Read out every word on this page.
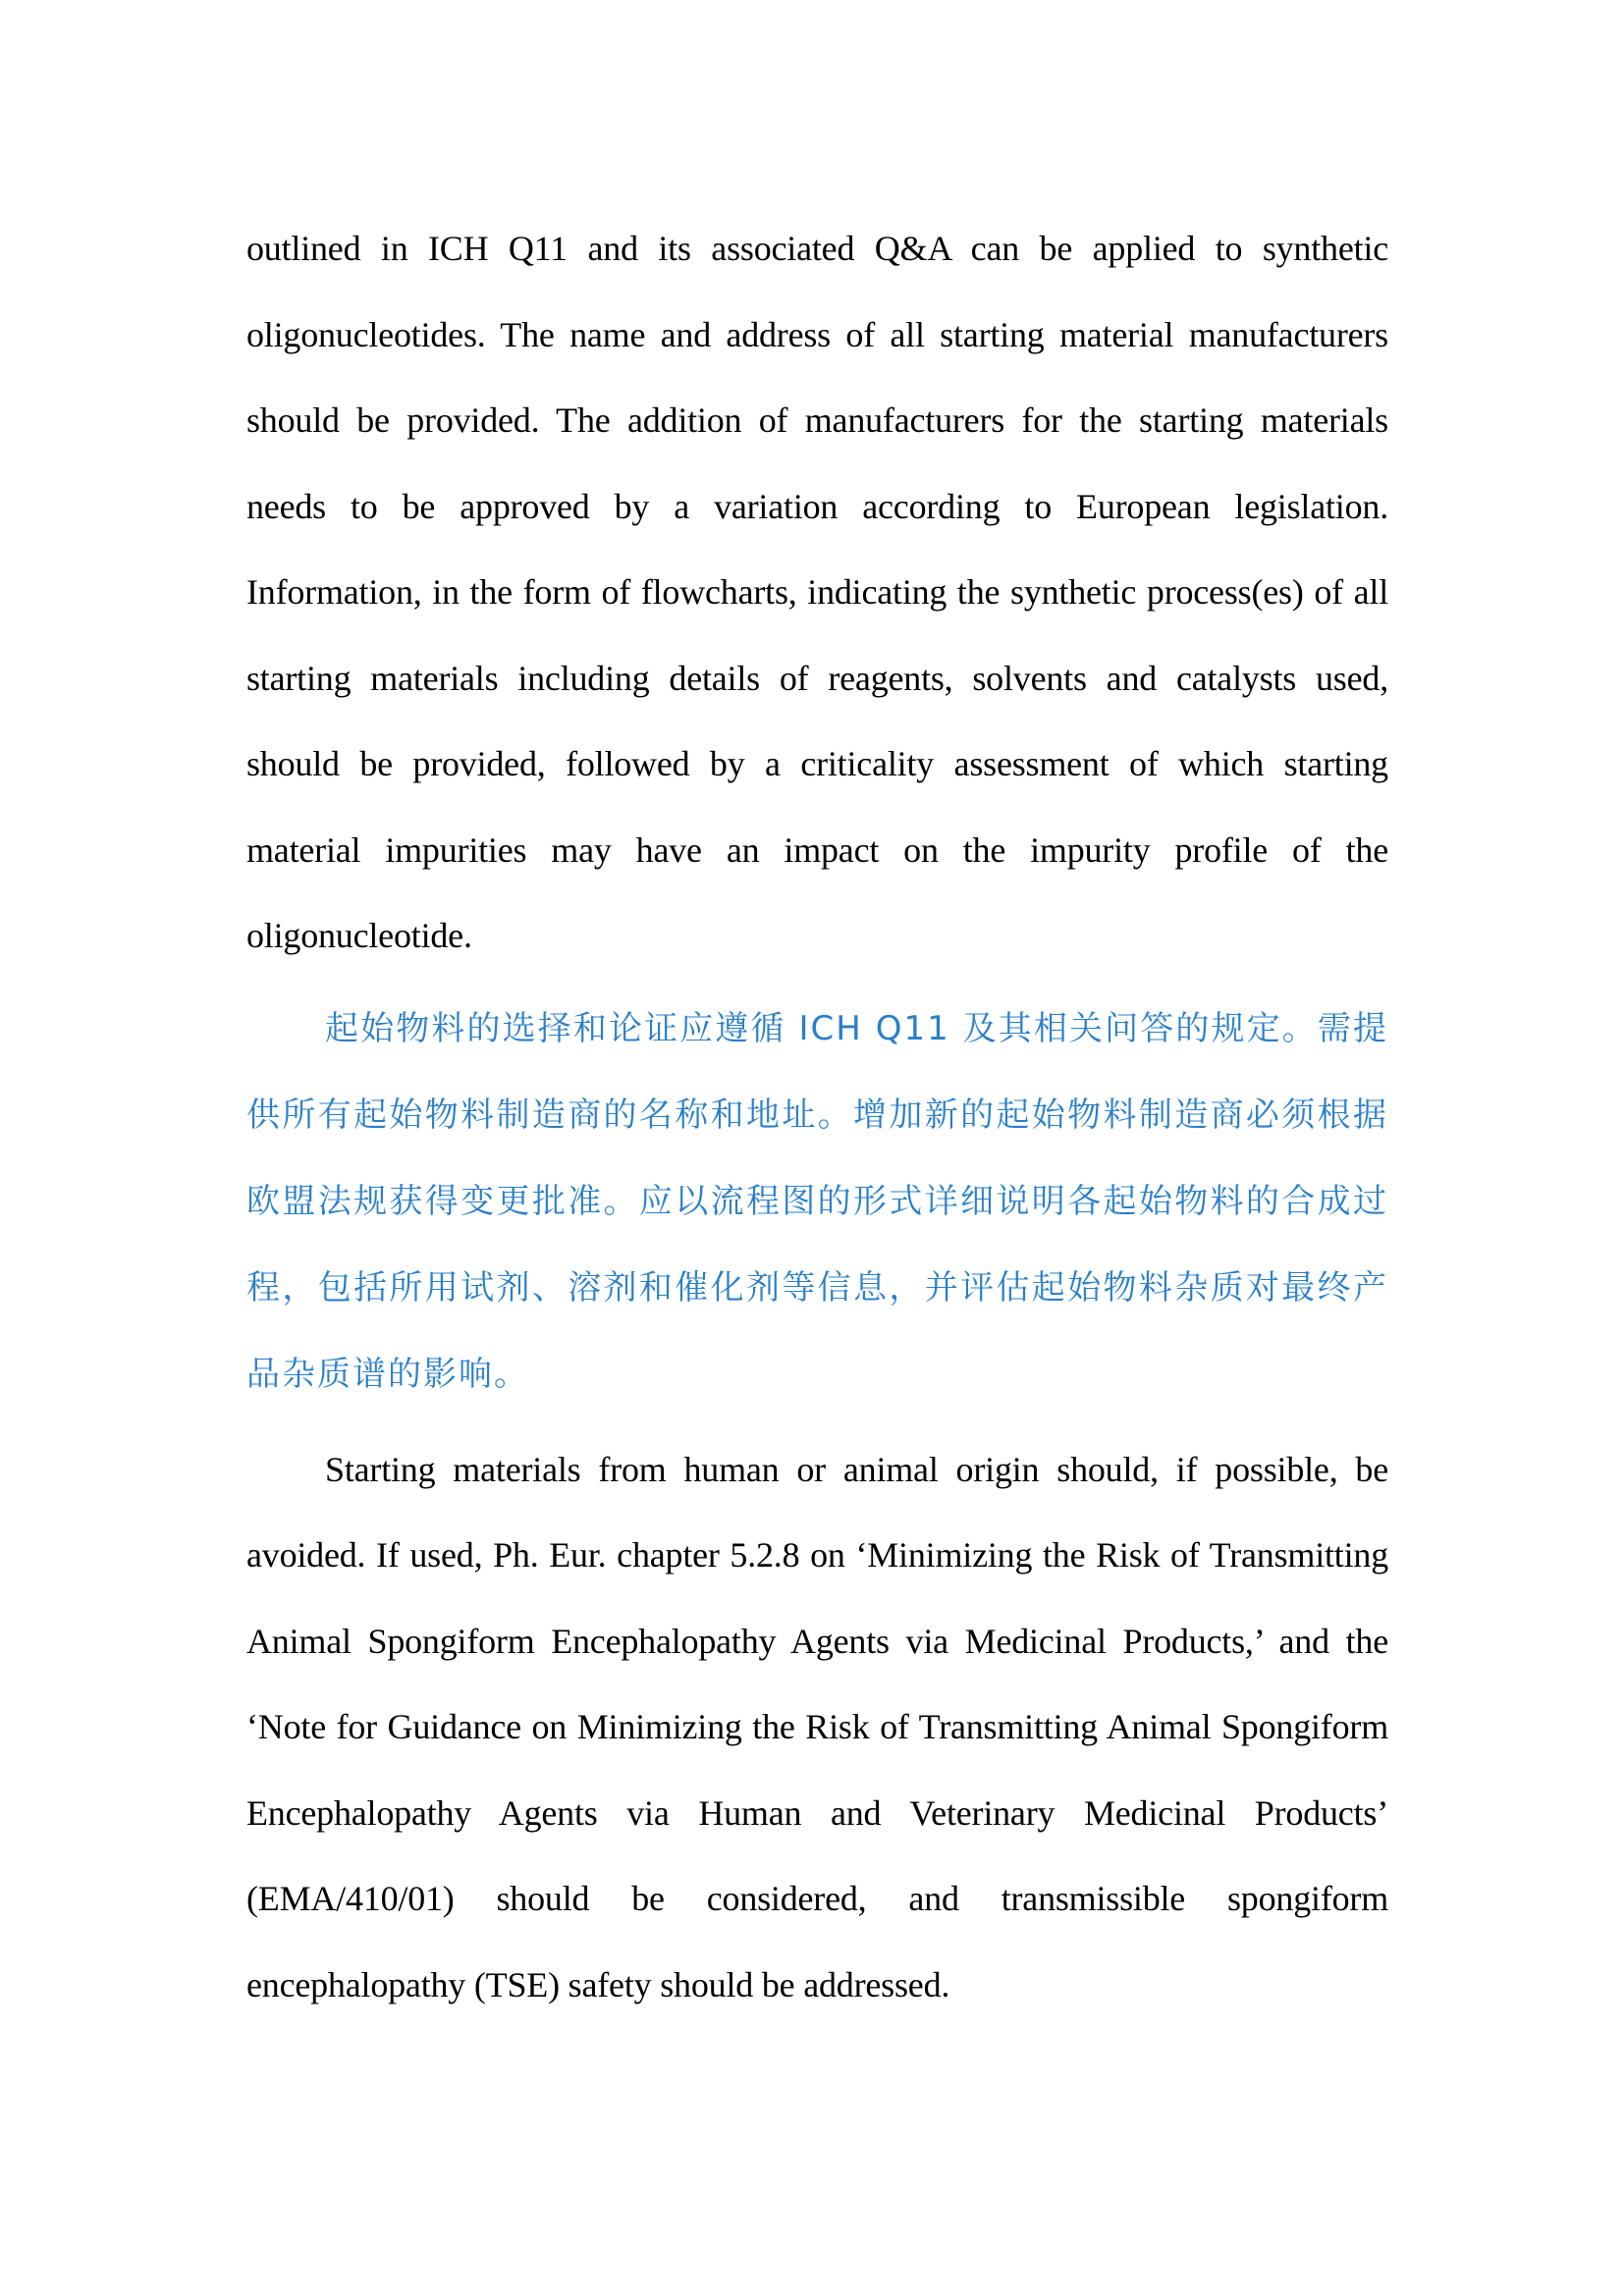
outlined in ICH Q11 and its associated Q&A can be applied to synthetic oligonucleotides. The name and address of all starting material manufacturers should be provided. The addition of manufacturers for the starting materials needs to be approved by a variation according to European legislation. Information, in the form of flowcharts, indicating the synthetic process(es) of all starting materials including details of reagents, solvents and catalysts used, should be provided, followed by a criticality assessment of which starting material impurities may have an impact on the impurity profile of the oligonucleotide.

起始物料的选择和论证应遵循 ICH Q11 及其相关问答的规定。需提供所有起始物料制造商的名称和地址。增加新的起始物料制造商必须根据欧盟法规获得变更批准。应以流程图的形式详细说明各起始物料的合成过程，包括所用试剂、溶剂和催化剂等信息，并评估起始物料杂质对最终产品杂质谱的影响。

Starting materials from human or animal origin should, if possible, be avoided. If used, Ph. Eur. chapter 5.2.8 on ‘Minimizing the Risk of Transmitting Animal Spongiform Encephalopathy Agents via Medicinal Products,’ and the ‘Note for Guidance on Minimizing the Risk of Transmitting Animal Spongiform Encephalopathy Agents via Human and Veterinary Medicinal Products’ (EMA/410/01) should be considered, and transmissible spongiform encephalopathy (TSE) safety should be addressed.
